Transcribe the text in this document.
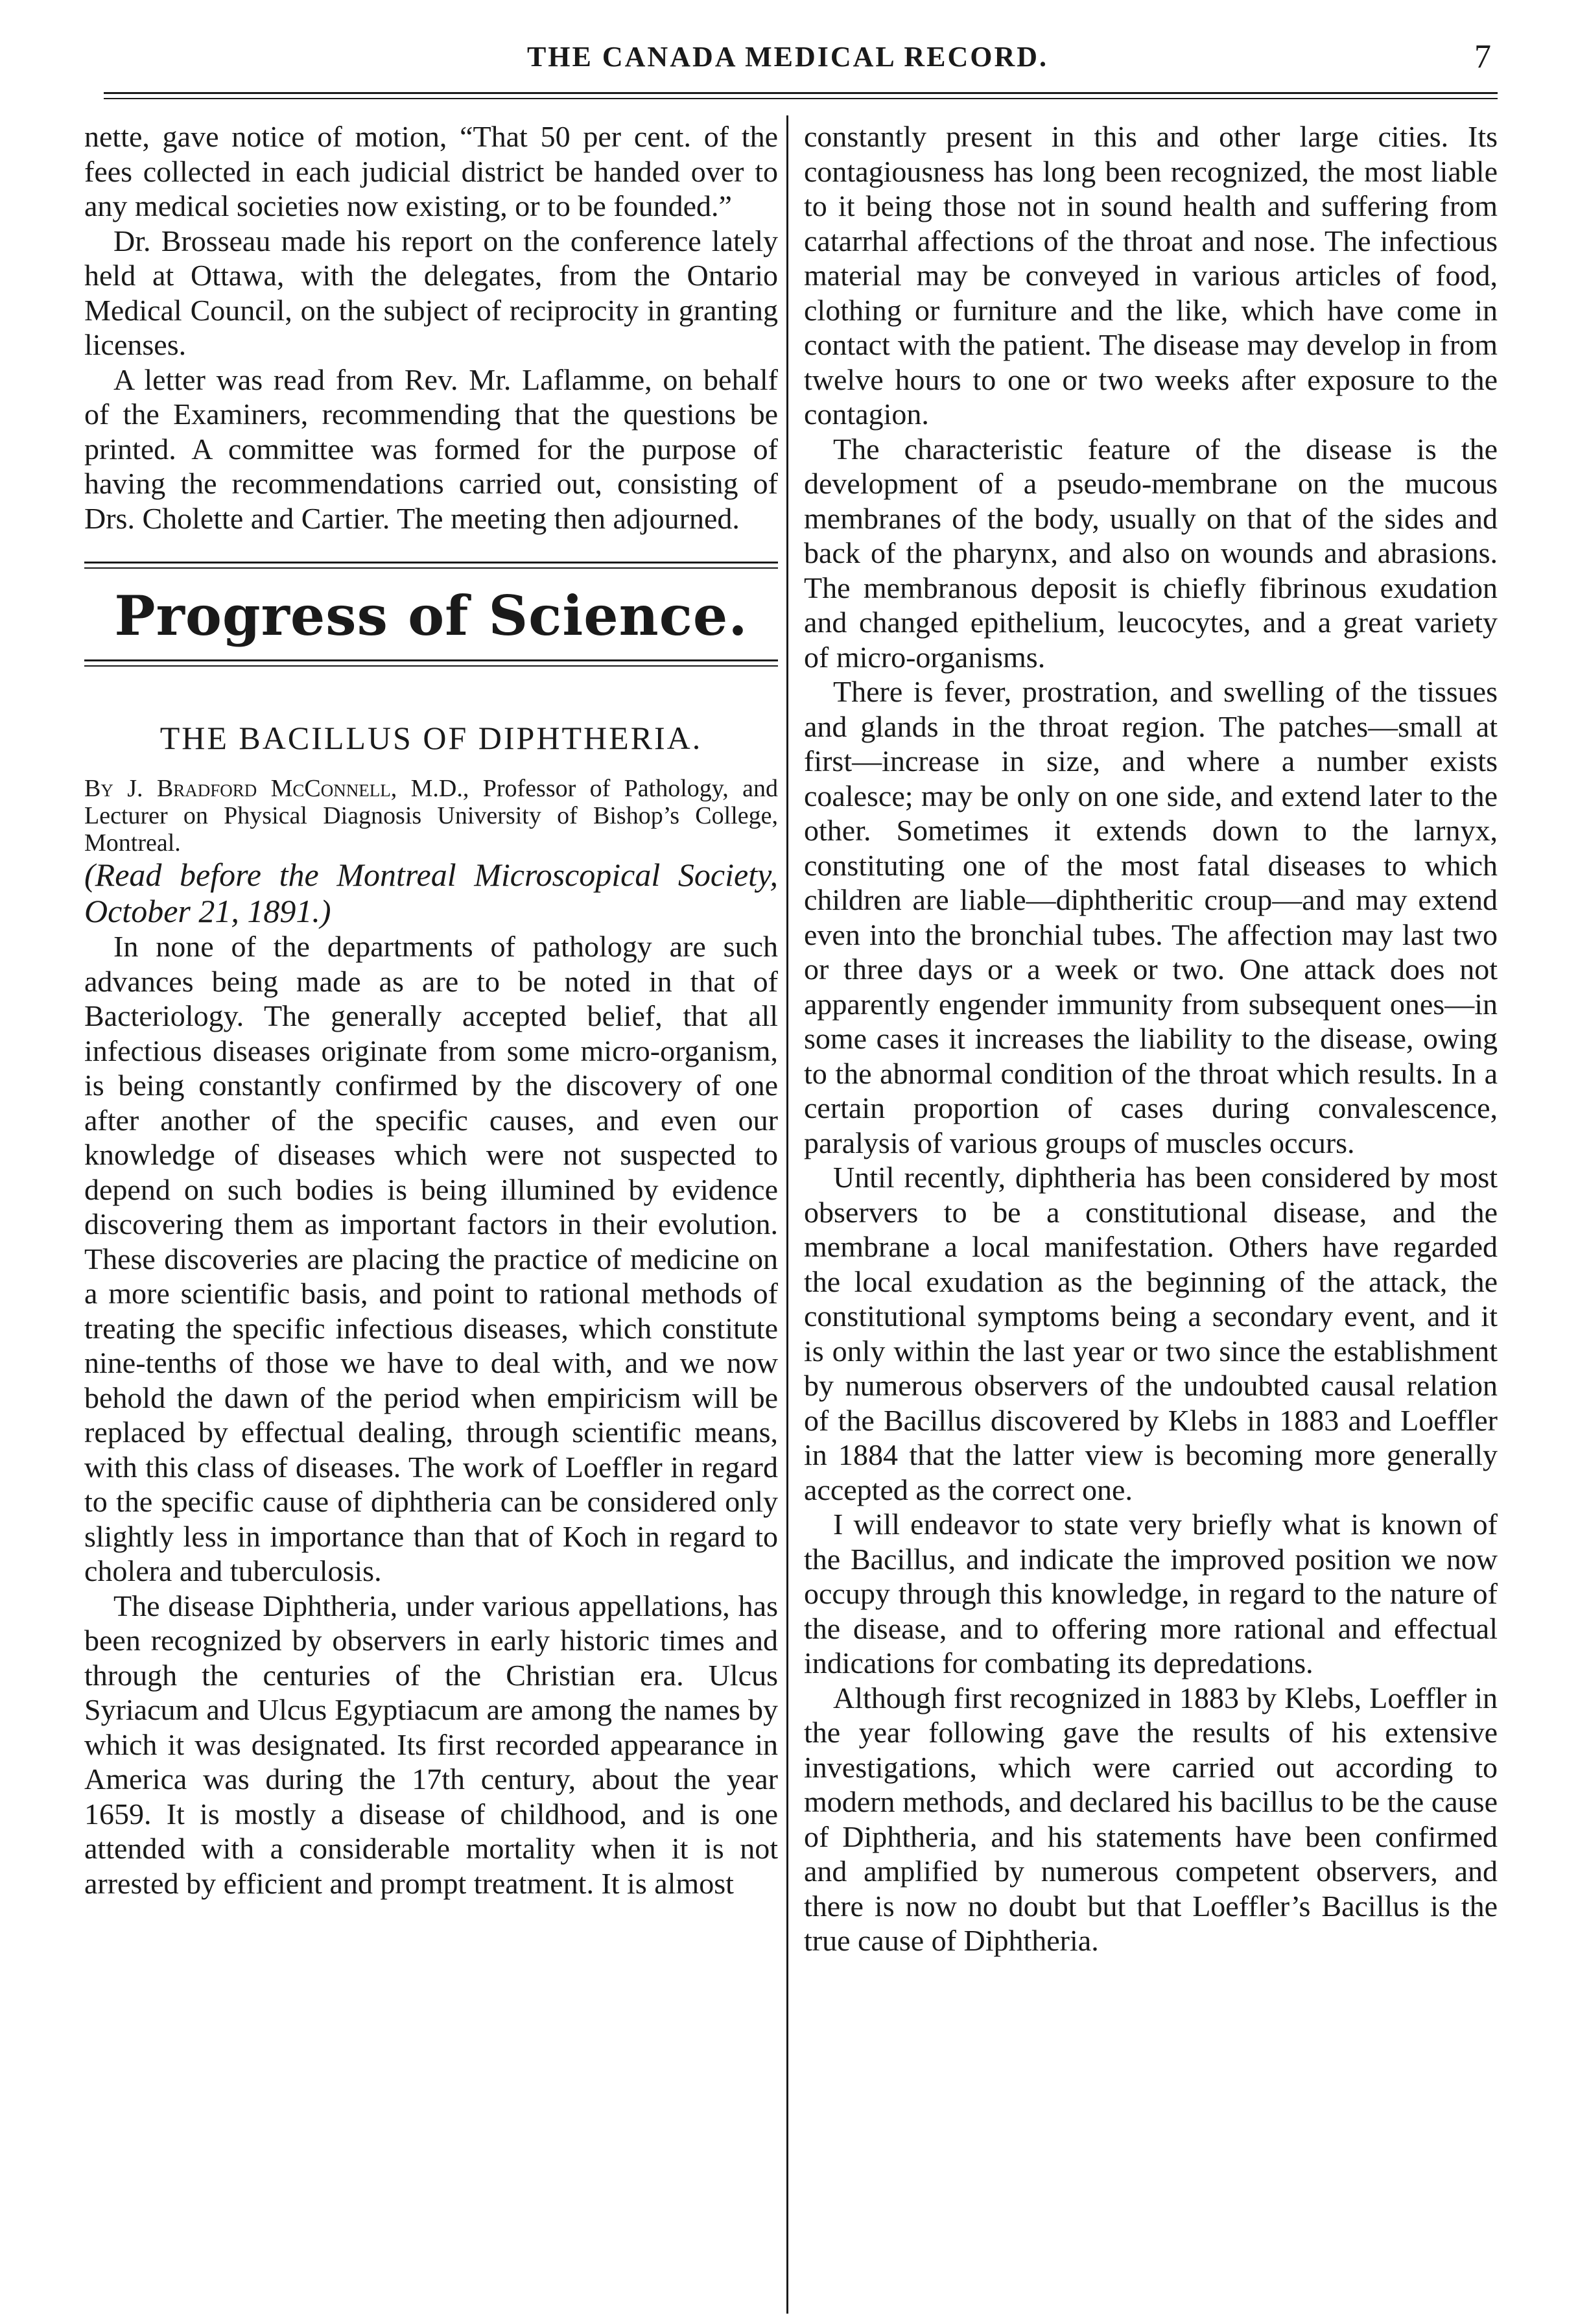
THE CANADA MEDICAL RECORD.	7

nette, gave notice of motion, “That 50 per cent. of the fees collected in each judicial district be handed over to any medical societies now existing, or to be founded.”

Dr. Brosseau made his report on the conference lately held at Ottawa, with the delegates, from the Ontario Medical Council, on the subject of reciprocity in granting licenses.

A letter was read from Rev. Mr. Laflamme, on behalf of the Examiners, recommending that the questions be printed. A committee was formed for the purpose of having the recommendations carried out, consisting of Drs. Cholette and Cartier. The meeting then adjourned.

Progress of Science.
THE BACILLUS OF DIPHTHERIA.

By J. Bradford McConnell, M.D., Professor of Pathology, and Lecturer on Physical Diagnosis University of Bishop’s College, Montreal.

(Read before the Montreal Microscopical Society, October 21, 1891.)

In none of the departments of pathology are such advances being made as are to be noted in that of Bacteriology. The generally accepted belief, that all infectious diseases originate from some micro-organism, is being constantly confirmed by the discovery of one after another of the specific causes, and even our knowledge of diseases which were not suspected to depend on such bodies is being illumined by evidence discovering them as important factors in their evolution. These discoveries are placing the practice of medicine on a more scientific basis, and point to rational methods of treating the specific infectious diseases, which constitute nine-tenths of those we have to deal with, and we now behold the dawn of the period when empiricism will be replaced by effectual dealing, through scientific means, with this class of diseases. The work of Loeffler in regard to the specific cause of diphtheria can be considered only slightly less in importance than that of Koch in regard to cholera and tuberculosis.

The disease Diphtheria, under various appellations, has been recognized by observers in early historic times and through the centuries of the Christian era. Ulcus Syriacum and Ulcus Egyptiacum are among the names by which it was designated. Its first recorded appearance in America was during the 17th century, about the year 1659. It is mostly a disease of childhood, and is one attended with a considerable mortality when it is not arrested by efficient and prompt treatment. It is almost

constantly present in this and other large cities. Its contagiousness has long been recognized, the most liable to it being those not in sound health and suffering from catarrhal affections of the throat and nose. The infectious material may be conveyed in various articles of food, clothing or furniture and the like, which have come in contact with the patient. The disease may develop in from twelve hours to one or two weeks after exposure to the contagion.

The characteristic feature of the disease is the development of a pseudo-membrane on the mucous membranes of the body, usually on that of the sides and back of the pharynx, and also on wounds and abrasions. The membranous deposit is chiefly fibrinous exudation and changed epithelium, leucocytes, and a great variety of micro-organisms.

There is fever, prostration, and swelling of the tissues and glands in the throat region. The patches—small at first—increase in size, and where a number exists coalesce; may be only on one side, and extend later to the other. Sometimes it extends down to the larnyx, constituting one of the most fatal diseases to which children are liable—diphtheritic croup—and may extend even into the bronchial tubes. The affection may last two or three days or a week or two. One attack does not apparently engender immunity from subsequent ones—in some cases it increases the liability to the disease, owing to the abnormal condition of the throat which results. In a certain proportion of cases during convalescence, paralysis of various groups of muscles occurs.

Until recently, diphtheria has been considered by most observers to be a constitutional disease, and the membrane a local manifestation. Others have regarded the local exudation as the beginning of the attack, the constitutional symptoms being a secondary event, and it is only within the last year or two since the establishment by numerous observers of the undoubted causal relation of the Bacillus discovered by Klebs in 1883 and Loeffler in 1884 that the latter view is becoming more generally accepted as the correct one.

I will endeavor to state very briefly what is known of the Bacillus, and indicate the improved position we now occupy through this knowledge, in regard to the nature of the disease, and to offering more rational and effectual indications for combating its depredations.

Although first recognized in 1883 by Klebs, Loeffler in the year following gave the results of his extensive investigations, which were carried out according to modern methods, and declared his bacillus to be the cause of Diphtheria, and his statements have been confirmed and amplified by numerous competent observers, and there is now no doubt but that Loeffler’s Bacillus is the true cause of Diphtheria.
